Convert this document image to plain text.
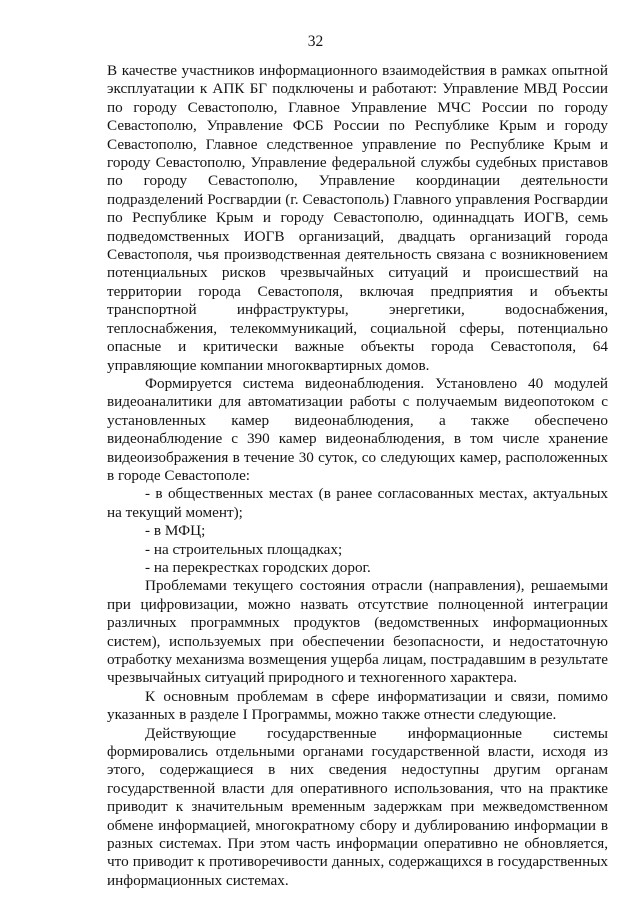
32

В качестве участников информационного взаимодействия в рамках опытной эксплуатации к АПК БГ подключены и работают: Управление МВД России по городу Севастополю, Главное Управление МЧС России по городу Севастополю, Управление ФСБ России по Республике Крым и городу Севастополю, Главное следственное управление по Республике Крым и городу Севастополю, Управление федеральной службы судебных приставов по городу Севастополю, Управление координации деятельности подразделений Росгвардии (г. Севастополь) Главного управления Росгвардии по Республике Крым и городу Севастополю, одиннадцать ИОГВ, семь подведомственных ИОГВ организаций, двадцать организаций города Севастополя, чья производственная деятельность связана с возникновением потенциальных рисков чрезвычайных ситуаций и происшествий на территории города Севастополя, включая предприятия и объекты транспортной инфраструктуры, энергетики, водоснабжения, теплоснабжения, телекоммуникаций, социальной сферы, потенциально опасные и критически важные объекты города Севастополя, 64 управляющие компании многоквартирных домов.

Формируется система видеонаблюдения. Установлено 40 модулей видеоаналитики для автоматизации работы с получаемым видеопотоком с установленных камер видеонаблюдения, а также обеспечено видеонаблюдение с 390 камер видеонаблюдения, в том числе хранение видеоизображения в течение 30 суток, со следующих камер, расположенных в городе Севастополе:

- в общественных местах (в ранее согласованных местах, актуальных на текущий момент);

- в МФЦ;

- на строительных площадках;

- на перекрестках городских дорог.

Проблемами текущего состояния отрасли (направления), решаемыми при цифровизации, можно назвать отсутствие полноценной интеграции различных программных продуктов (ведомственных информационных систем), используемых при обеспечении безопасности, и недостаточную отработку механизма возмещения ущерба лицам, пострадавшим в результате чрезвычайных ситуаций природного и техногенного характера.

К основным проблемам в сфере информатизации и связи, помимо указанных в разделе I Программы, можно также отнести следующие.

Действующие государственные информационные системы формировались отдельными органами государственной власти, исходя из этого, содержащиеся в них сведения недоступны другим органам государственной власти для оперативного использования, что на практике приводит к значительным временным задержкам при межведомственном обмене информацией, многократному сбору и дублированию информации в разных системах. При этом часть информации оперативно не обновляется, что приводит к противоречивости данных, содержащихся в государственных информационных системах.
